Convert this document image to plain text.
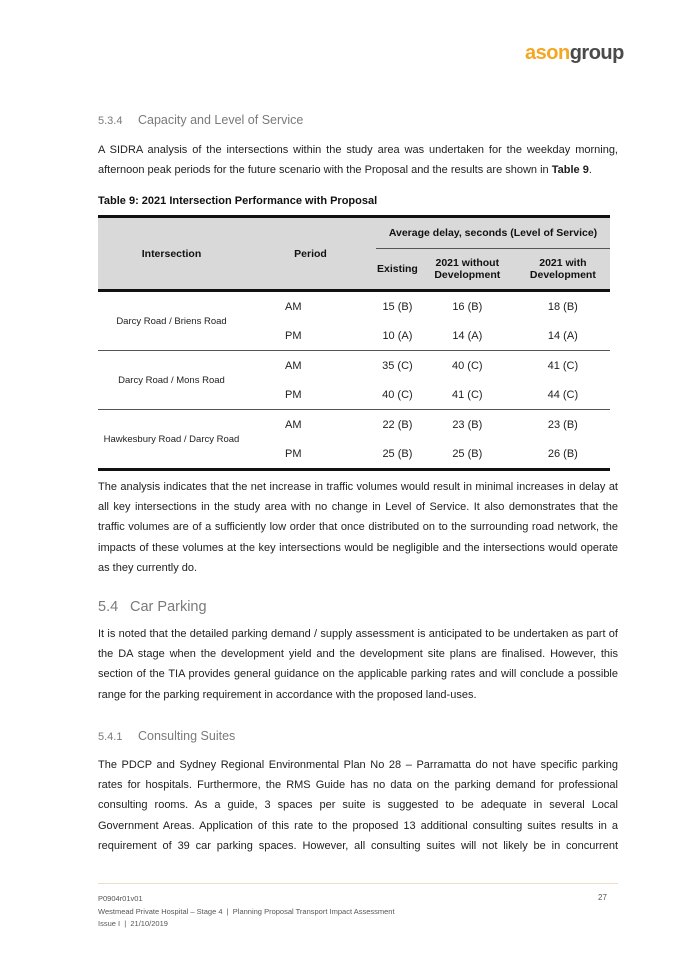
asongroup
5.3.4 Capacity and Level of Service
A SIDRA analysis of the intersections within the study area was undertaken for the weekday morning, afternoon peak periods for the future scenario with the Proposal and the results are shown in Table 9.
Table 9: 2021 Intersection Performance with Proposal
Intersection	Period	Average delay, seconds (Level of Service)		
		Existing	2021 without Development	2021 with Development
Darcy Road / Briens Road	AM	15 (B)	16 (B)	18 (B)
	PM	10 (A)	14 (A)	14 (A)
Darcy Road / Mons Road	AM	35 (C)	40 (C)	41 (C)
	PM	40 (C)	41 (C)	44 (C)
Hawkesbury Road / Darcy Road	AM	22 (B)	23 (B)	23 (B)
	PM	25 (B)	25 (B)	26 (B)
The analysis indicates that the net increase in traffic volumes would result in minimal increases in delay at all key intersections in the study area with no change in Level of Service. It also demonstrates that the traffic volumes are of a sufficiently low order that once distributed on to the surrounding road network, the impacts of these volumes at the key intersections would be negligible and the intersections would operate as they currently do.
5.4 Car Parking
It is noted that the detailed parking demand / supply assessment is anticipated to be undertaken as part of the DA stage when the development yield and the development site plans are finalised. However, this section of the TIA provides general guidance on the applicable parking rates and will conclude a possible range for the parking requirement in accordance with the proposed land-uses.
5.4.1 Consulting Suites
The PDCP and Sydney Regional Environmental Plan No 28 – Parramatta do not have specific parking rates for hospitals. Furthermore, the RMS Guide has no data on the parking demand for professional consulting rooms. As a guide, 3 spaces per suite is suggested to be adequate in several Local Government Areas. Application of this rate to the proposed 13 additional consulting suites results in a requirement of 39 car parking spaces. However, all consulting suites will not likely be in concurrent
P0904r01v01
Westmead Private Hospital – Stage 4  |  Planning Proposal Transport Impact Assessment
Issue I  |  21/10/2019
27
